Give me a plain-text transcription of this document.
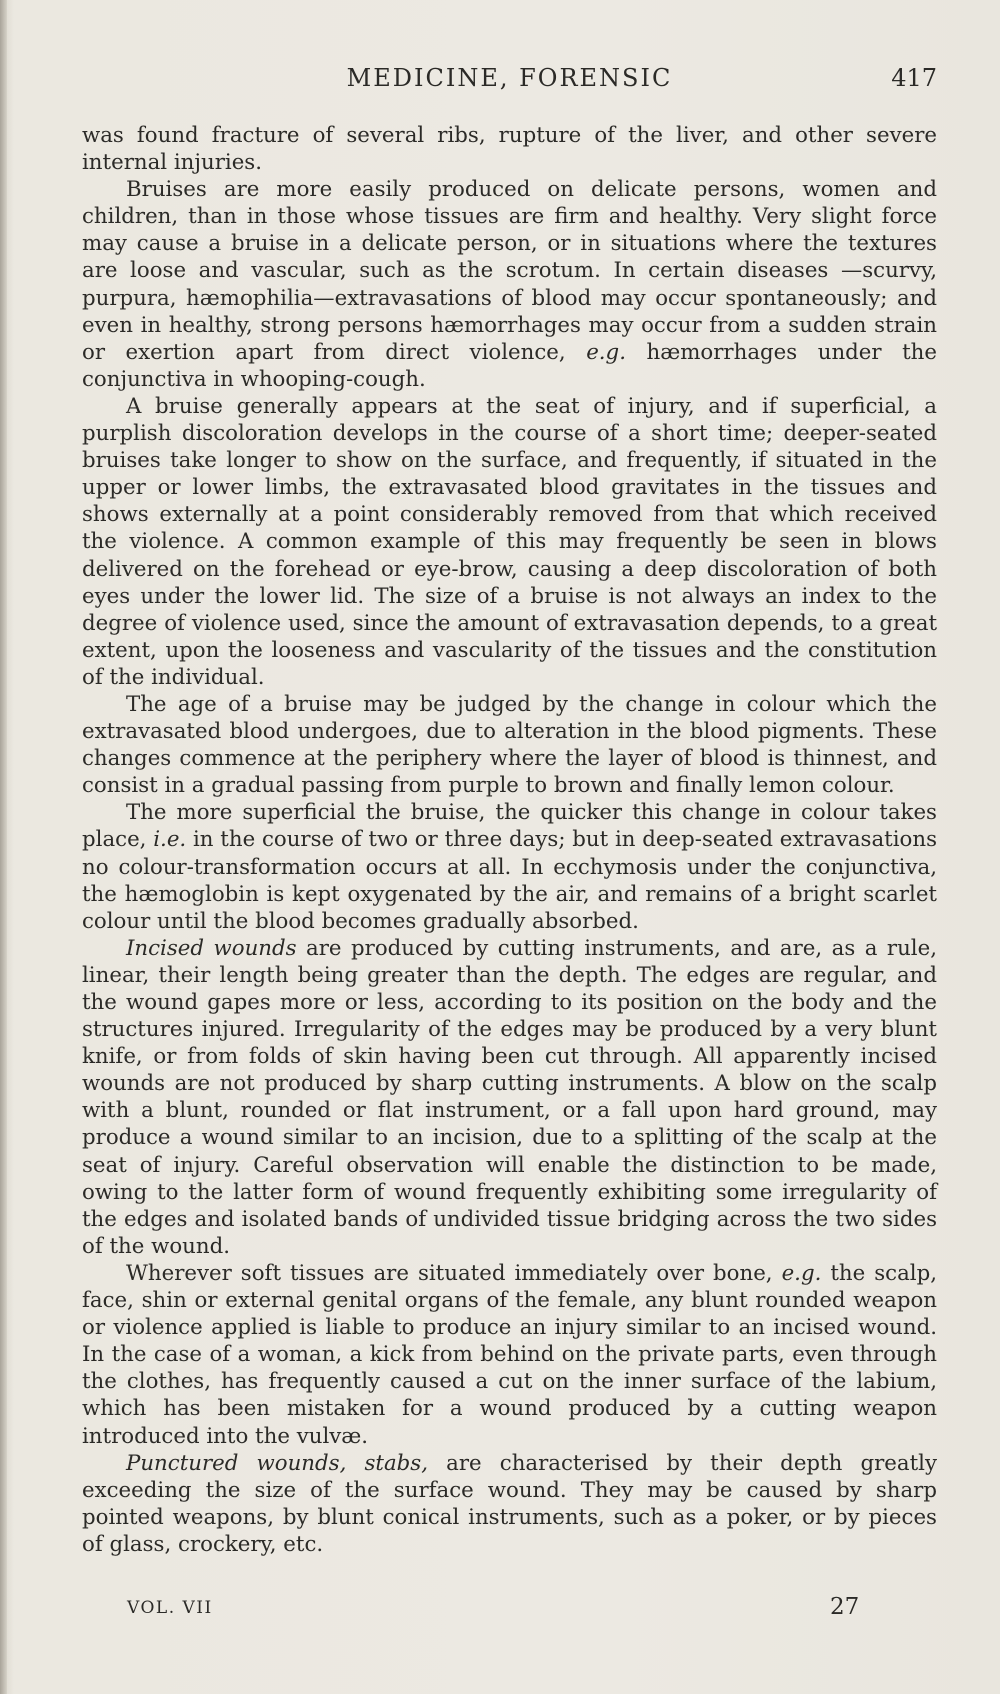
MEDICINE, FORENSIC	417

was found fracture of several ribs, rupture of the liver, and other severe internal injuries.

Bruises are more easily produced on delicate persons, women and children, than in those whose tissues are firm and healthy. Very slight force may cause a bruise in a delicate person, or in situations where the textures are loose and vascular, such as the scrotum. In certain diseases —scurvy, purpura, hæmophilia—extravasations of blood may occur spontaneously; and even in healthy, strong persons hæmorrhages may occur from a sudden strain or exertion apart from direct violence, e.g. hæmorrhages under the conjunctiva in whooping-cough.

A bruise generally appears at the seat of injury, and if superficial, a purplish discoloration develops in the course of a short time; deeper-seated bruises take longer to show on the surface, and frequently, if situated in the upper or lower limbs, the extravasated blood gravitates in the tissues and shows externally at a point considerably removed from that which received the violence. A common example of this may frequently be seen in blows delivered on the forehead or eye-brow, causing a deep discoloration of both eyes under the lower lid. The size of a bruise is not always an index to the degree of violence used, since the amount of extravasation depends, to a great extent, upon the looseness and vascularity of the tissues and the constitution of the individual.

The age of a bruise may be judged by the change in colour which the extravasated blood undergoes, due to alteration in the blood pigments. These changes commence at the periphery where the layer of blood is thinnest, and consist in a gradual passing from purple to brown and finally lemon colour.

The more superficial the bruise, the quicker this change in colour takes place, i.e. in the course of two or three days; but in deep-seated extravasations no colour-transformation occurs at all. In ecchymosis under the conjunctiva, the hæmoglobin is kept oxygenated by the air, and remains of a bright scarlet colour until the blood becomes gradually absorbed.

Incised wounds are produced by cutting instruments, and are, as a rule, linear, their length being greater than the depth. The edges are regular, and the wound gapes more or less, according to its position on the body and the structures injured. Irregularity of the edges may be produced by a very blunt knife, or from folds of skin having been cut through. All apparently incised wounds are not produced by sharp cutting instruments. A blow on the scalp with a blunt, rounded or flat instrument, or a fall upon hard ground, may produce a wound similar to an incision, due to a splitting of the scalp at the seat of injury. Careful observation will enable the distinction to be made, owing to the latter form of wound frequently exhibiting some irregularity of the edges and isolated bands of undivided tissue bridging across the two sides of the wound.

Wherever soft tissues are situated immediately over bone, e.g. the scalp, face, shin or external genital organs of the female, any blunt rounded weapon or violence applied is liable to produce an injury similar to an incised wound. In the case of a woman, a kick from behind on the private parts, even through the clothes, has frequently caused a cut on the inner surface of the labium, which has been mistaken for a wound produced by a cutting weapon introduced into the vulvæ.

Punctured wounds, stabs, are characterised by their depth greatly exceeding the size of the surface wound. They may be caused by sharp pointed weapons, by blunt conical instruments, such as a poker, or by pieces of glass, crockery, etc.

VOL. VII	27
